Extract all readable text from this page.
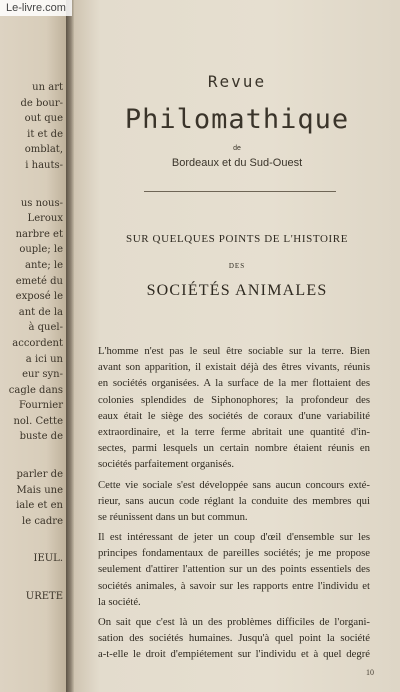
Le-livre.com
un art
de bour-
out que
it et de
omblat,
i hauts-
us nous-
Leroux
narbre et
ouple; le
ante; le
emeté du
exposé le
ant de la
à quel-
accordent
a ici un
eur syn-
cagle dans
Fournier
nol. Cette
buste de
parler de
Mais une
iale et en
le cadre
IEUL.
URETE
Revue
Philomathique
de
Bordeaux et du Sud-Ouest
SUR QUELQUES POINTS DE L'HISTOIRE
DES
SOCIÉTÉS ANIMALES
L'homme n'est pas le seul être sociable sur la terre. Bien
avant son apparition, il existait déjà des êtres vivants, réunis
en sociétés organisées. A la surface de la mer flottaient des
colonies splendides de Siphonophores; la profondeur des
eaux était le siège des sociétés de coraux d'une variabilité
extraordinaire, et la terre ferme abritait une quantité d'in-
sectes, parmi lesquels un certain nombre étaient réunis en
sociétés parfaitement organisés.
Cette vie sociale s'est développée sans aucun concours exté-
rieur, sans aucun code réglant la conduite des membres qui
se réunissent dans un but commun.
Il est intéressant de jeter un coup d'œil d'ensemble sur les
principes fondamentaux de pareilles sociétés; je me propose
seulement d'attirer l'attention sur un des points essentiels des
sociétés animales, à savoir sur les rapports entre l'individu et
la société.
On sait que c'est là un des problèmes difficiles de l'organi-
sation des sociétés humaines. Jusqu'à quel point la société
a-t-elle le droit d'empiétement sur l'individu et à quel degré
10
